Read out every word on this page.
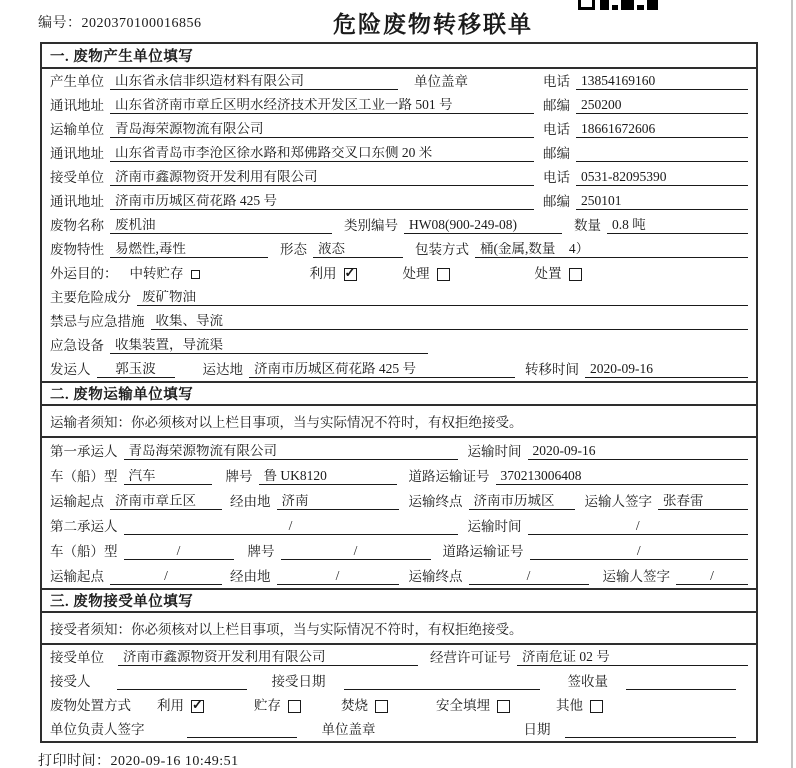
编号：2020370100016856	危险废物转移联单
一. 废物产生单位填写
产生单位 山东省永信非织造材料有限公司	单位盖章	电话 13854169160
通讯地址 山东省济南市章丘区明水经济技术开发区工业一路 501 号	邮编 250200
运输单位 青岛海荣源物流有限公司	电话 18661672606
通讯地址 山东省青岛市李沧区徐水路和郑佛路交叉口东侧 20 米	邮编
接受单位 济南市鑫源物资开发利用有限公司	电话 0531-82095390
通讯地址 济南市历城区荷花路 425 号	邮编 250101
废物名称 废机油	类别编号 HW08(900-249-08)	数量 0.8 吨
废物特性 易燃性,毒性	形态 液态	包装方式 桶(金属,数量　4）
外运目的： 中转贮存	利用 ✓	处理	处置
主要危险成分 废矿物油
禁忌与应急措施 收集、导流
应急设备 收集装置，导流渠
发运人	郭玉波	运达地 济南市历城区荷花路 425 号	转移时间 2020-09-16
二. 废物运输单位填写
运输者须知：你必须核对以上栏目事项，当与实际情况不符时，有权拒绝接受。
第一承运人 青岛海荣源物流有限公司	运输时间 2020-09-16
车（船）型 汽车	牌号 鲁 UK8120	道路运输证号 370213006408
运输起点 济南市章丘区	经由地 济南	运输终点 济南市历城区	运输人签字 张春雷
第二承运人	/	运输时间	/
车（船）型	/	牌号	/	道路运输证号	/
运输起点	/	经由地	/	运输终点	/	运输人签字	/
三. 废物接受单位填写
接受者须知：你必须核对以上栏目事项，当与实际情况不符时，有权拒绝接受。
接受单位	济南市鑫源物资开发利用有限公司	经营许可证号 济南危证 02 号
接受人	接受日期	签收量
废物处置方式 利用 ✓	贮存	焚烧	安全填埋	其他
单位负责人签字	单位盖章	日期
打印时间：2020-09-16 10:49:51
